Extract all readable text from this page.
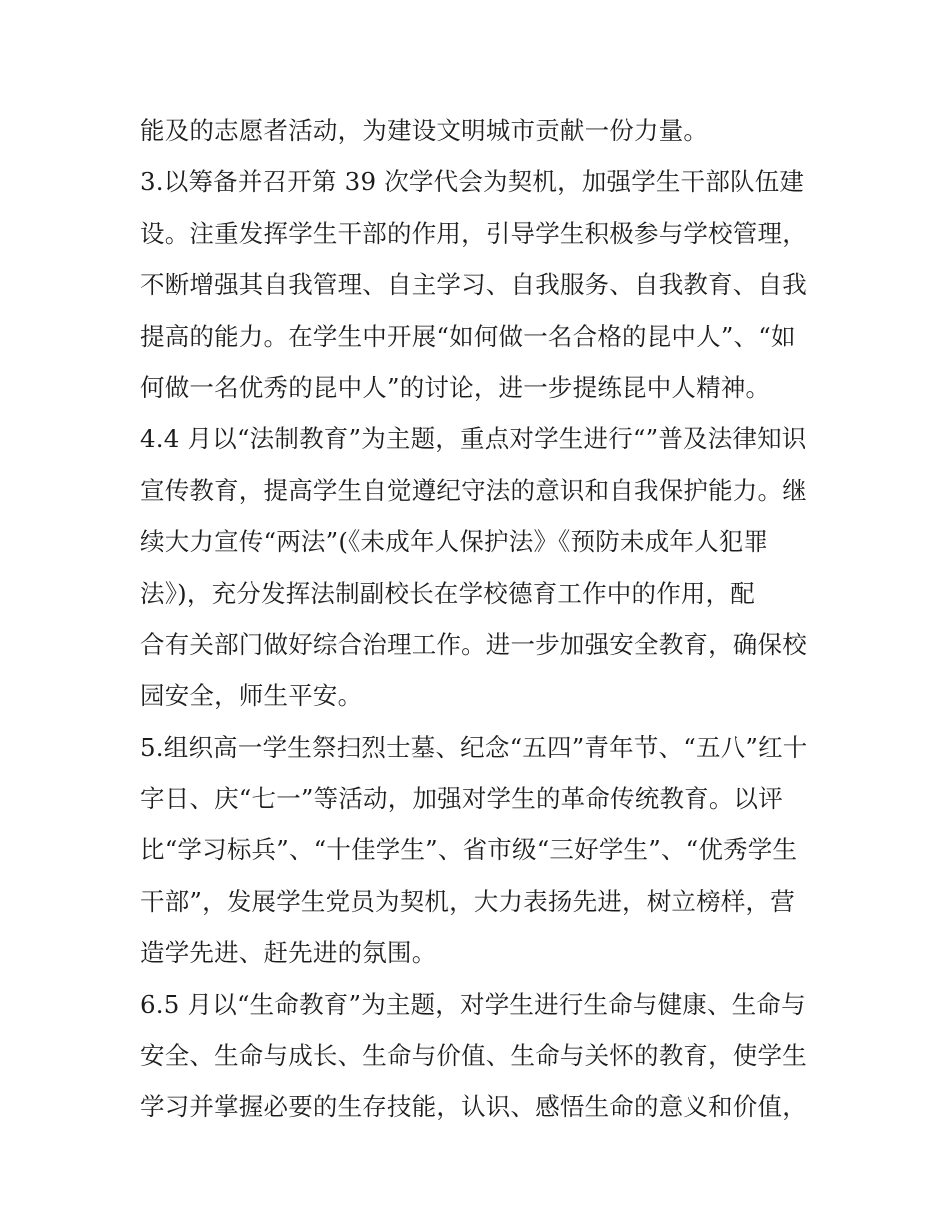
能及的志愿者活动，为建设文明城市贡献一份力量。
3.以筹备并召开第 39 次学代会为契机，加强学生干部队伍建
设。注重发挥学生干部的作用，引导学生积极参与学校管理，
不断增强其自我管理、自主学习、自我服务、自我教育、自我
提高的能力。在学生中开展“如何做一名合格的昆中人”、“如
何做一名优秀的昆中人”的讨论，进一步提练昆中人精神。
4.4 月以“法制教育”为主题，重点对学生进行“”普及法律知识
宣传教育，提高学生自觉遵纪守法的意识和自我保护能力。继
续大力宣传“两法”(《未成年人保护法》《预防未成年人犯罪
法》)，充分发挥法制副校长在学校德育工作中的作用，配
合有关部门做好综合治理工作。进一步加强安全教育，确保校
园安全，师生平安。
5.组织高一学生祭扫烈士墓、纪念“五四”青年节、“五八”红十
字日、庆“七一”等活动，加强对学生的革命传统教育。以评
比“学习标兵”、“十佳学生”、省市级“三好学生”、“优秀学生
干部”，发展学生党员为契机，大力表扬先进，树立榜样，营
造学先进、赶先进的氛围。
6.5 月以“生命教育”为主题，对学生进行生命与健康、生命与
安全、生命与成长、生命与价值、生命与关怀的教育，使学生
学习并掌握必要的生存技能，认识、感悟生命的意义和价值，
